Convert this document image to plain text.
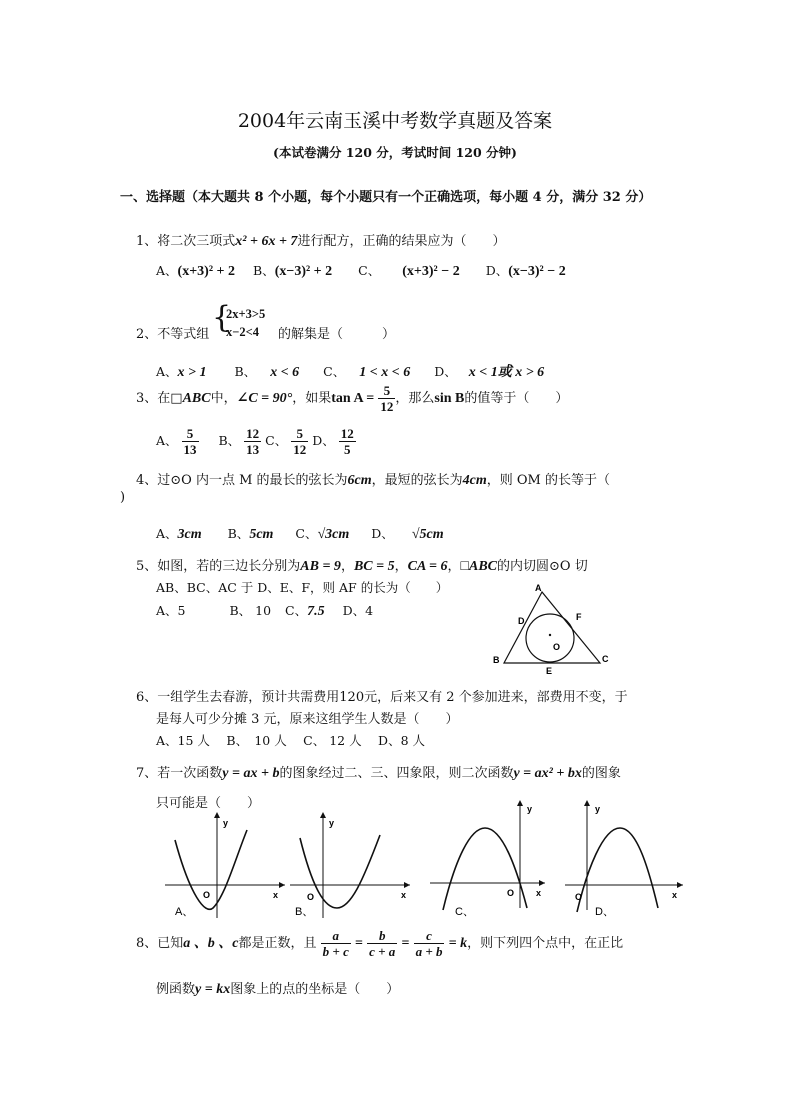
2004年云南玉溪中考数学真题及答案
(本试卷满分 120 分，考试时间 120 分钟)
一、选择题（本大题共 8 个小题，每个小题只有一个正确选项，每小题 4 分，满分 32 分）
1、将二次三项式x² + 6x + 7进行配方，正确的结果应为（　　）
A、(x+3)² + 2 B、(x−3)² + 2 C、 (x+3)² − 2 D、(x−3)² − 2
{
2x+3>5
x−2<4
2、不等式组	的解集是（　　　）
A、x > 1 B、 x < 6 C、 1 < x < 6 D、 x < 1或 x > 6
3、在□ABC中，∠C = 90°，如果$\tan A = \frac{5}{12}$ ，那么sin B的值等于（　　）
A、 $\frac{5}{13}$ B、 $\frac{12}{13}$ C、 $\frac{5}{12}$ D、 $\frac{12}{5}$
4、过⊙O 内一点 M 的最长的弦长为6cm，最短的弦长为4cm，则 OM 的长等于（
)
A、3cm B、5cm C、√3cm D、 √5cm
5、如图，若的三边长分别为AB = 9，BC = 5，CA = 6，□ABC的内切圆⊙O 切
AB、BC、AC 于 D、E、F，则 AF 的长为（　　）
A、5	B、 10 C、7.5 D、4
A
B	C
D
E
F
O
6、一组学生去春游，预计共需费用120元，后来又有 2 个参加进来，部费用不变，于
是每人可少分摊 3 元，原来这组学生人数是（　　）
A、15 人　 B、　10 人　 C、 12 人　 D、8 人
7、若一次函数y = ax + b的图象经过二、三、四象限，则二次函数y = ax² + bx的图象
只可能是（　　）
y
x
O
A、
y
x
O
B、
y
x
O
C、
y
x
O
D、
8、已知a 、b 、c都是正数，且 $\frac{a}{b + c} = \frac{b}{c + a} = \frac{c}{a + b} = k$，则下列四个点中，在正比
例函数y = kx图象上的点的坐标是（　　）
